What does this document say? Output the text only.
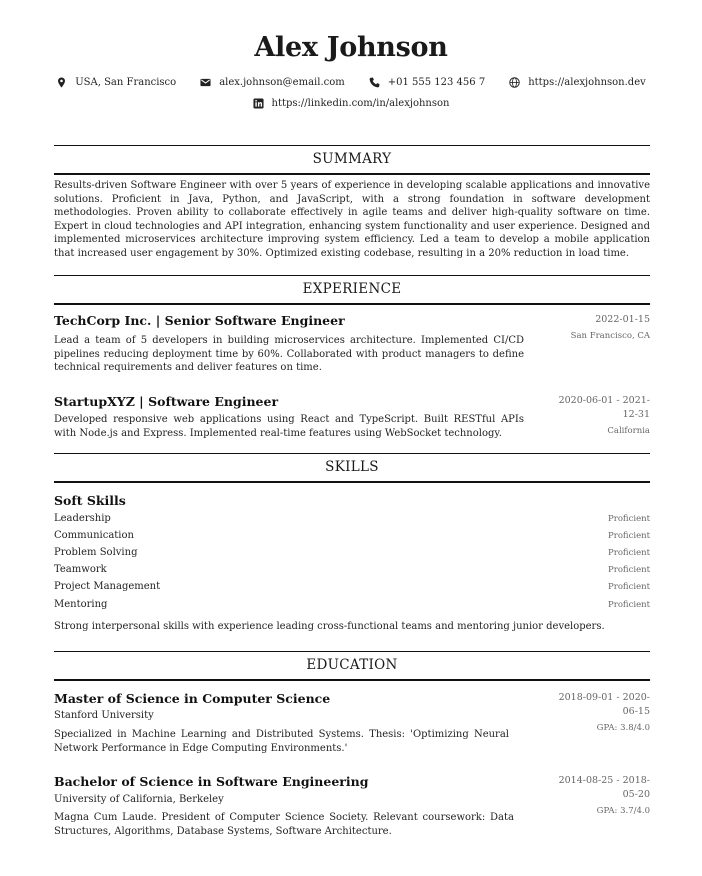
Alex Johnson
USA, San Francisco	alex.johnson@email.com	+01 555 123 456 7	https://alexjohnson.dev
https://linkedin.com/in/alexjohnson
SUMMARY
Results-driven Software Engineer with over 5 years of experience in developing scalable applications and innovative solutions. Proficient in Java, Python, and JavaScript, with a strong foundation in software development methodologies. Proven ability to collaborate effectively in agile teams and deliver high-quality software on time. Expert in cloud technologies and API integration, enhancing system functionality and user experience. Designed and implemented microservices architecture improving system efficiency. Led a team to develop a mobile application that increased user engagement by 30%. Optimized existing codebase, resulting in a 20% reduction in load time.
EXPERIENCE
TechCorp Inc. | Senior Software Engineer
Lead a team of 5 developers in building microservices architecture. Implemented CI/CD pipelines reducing deployment time by 60%. Collaborated with product managers to define technical requirements and deliver features on time.
2022-01-15
San Francisco, CA
StartupXYZ | Software Engineer
Developed responsive web applications using React and TypeScript. Built RESTful APIs with Node.js and Express. Implemented real-time features using WebSocket technology.
2020-06-01 - 2021-12-31
California
SKILLS
Soft Skills
Leadership	Proficient
Communication	Proficient
Problem Solving	Proficient
Teamwork	Proficient
Project Management	Proficient
Mentoring	Proficient
Strong interpersonal skills with experience leading cross-functional teams and mentoring junior developers.
EDUCATION
Master of Science in Computer Science
Stanford University
Specialized in Machine Learning and Distributed Systems. Thesis: 'Optimizing Neural Network Performance in Edge Computing Environments.'
2018-09-01 - 2020-06-15
GPA: 3.8/4.0
Bachelor of Science in Software Engineering
University of California, Berkeley
Magna Cum Laude. President of Computer Science Society. Relevant coursework: Data Structures, Algorithms, Database Systems, Software Architecture.
2014-08-25 - 2018-05-20
GPA: 3.7/4.0
